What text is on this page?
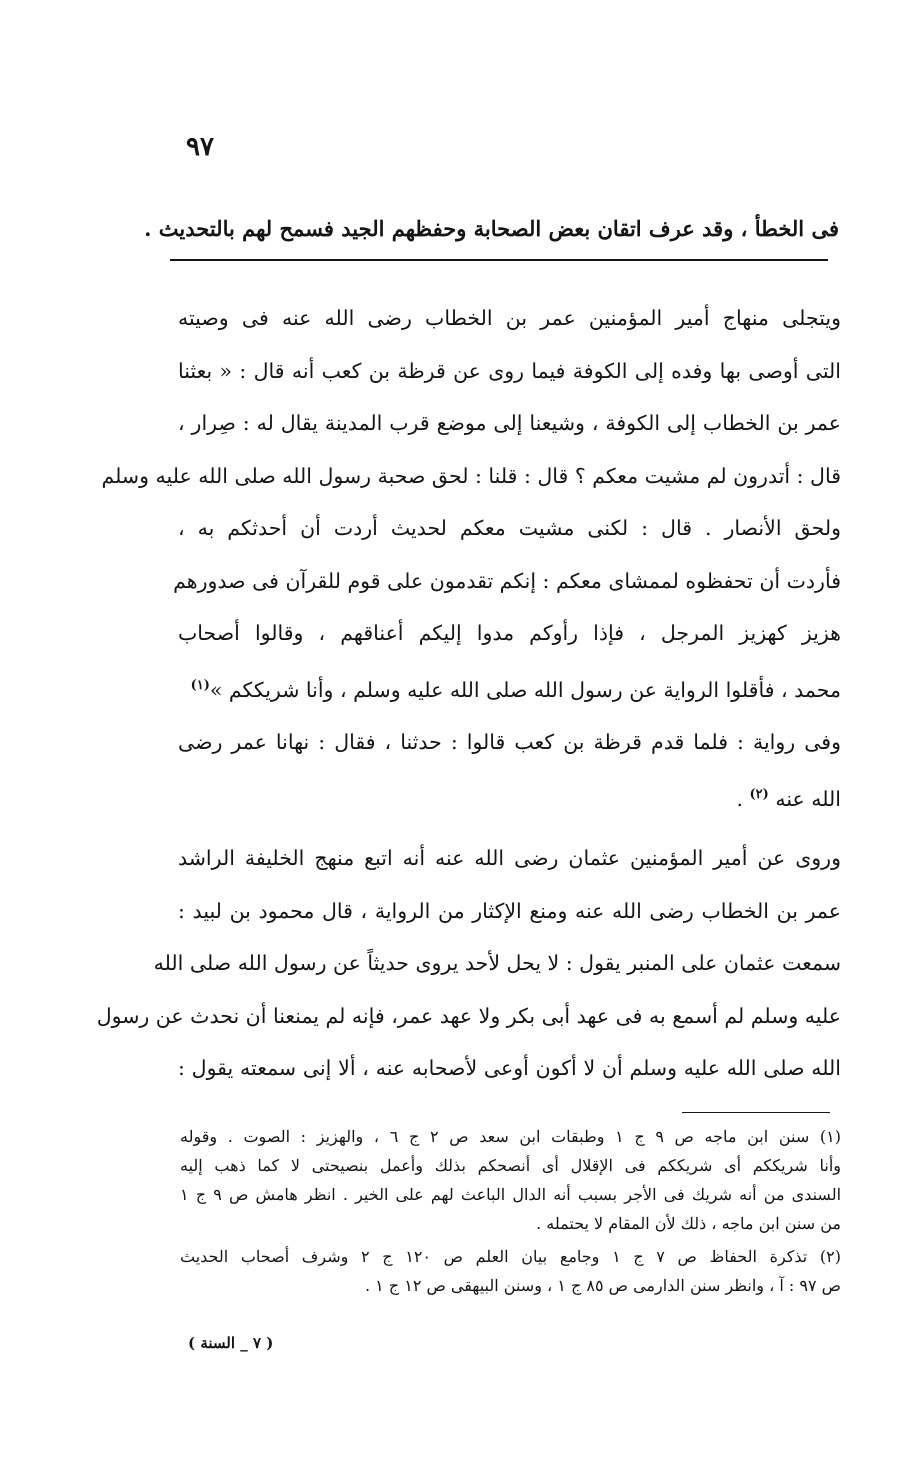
٩٧
فى الخطأ ، وقد عرف اتقان بعض الصحابة وحفظهم الجيد فسمح لهم بالتحديث .
ويتجلى منهاج أمير المؤمنين عمر بن الخطاب رضى الله عنه فى وصيته
التى أوصى بها وفده إلى الكوفة فيما روى عن قرظة بن كعب أنه قال : « بعثنا
عمر بن الخطاب إلى الكوفة ، وشيعنا إلى موضع قرب المدينة يقال له : صِرار ،
قال : أتدرون لم مشيت معكم ؟ قال : قلنا : لحق صحبة رسول الله صلى الله عليه وسلم
ولحق الأنصار . قال : لكنى مشيت معكم لحديث أردت أن أحدثكم به ،
فأردت أن تحفظوه لممشاى معكم : إنكم تقدمون على قوم للقرآن فى صدورهم
هزيز كهزيز المرجل ، فإذا رأوكم مدوا إليكم أعناقهم ، وقالوا أصحاب
محمد ، فأقلوا الرواية عن رسول الله صلى الله عليه وسلم ، وأنا شريككم »$^{(١)}$
وفى رواية : فلما قدم قرظة بن كعب قالوا : حدثنا ، فقال : نهانا عمر رضى
الله عنه $^{(٢)}$ .
وروى عن أمير المؤمنين عثمان رضى الله عنه أنه اتبع منهج الخليفة الراشد
عمر بن الخطاب رضى الله عنه ومنع الإكثار من الرواية ، قال محمود بن لبيد :
سمعت عثمان على المنبر يقول : لا يحل لأحد يروى حديثاً عن رسول الله صلى الله
عليه وسلم لم أسمع به فى عهد أبى بكر ولا عهد عمر، فإنه لم يمنعنا أن نحدث عن رسول
الله صلى الله عليه وسلم أن لا أكون أوعى لأصحابه عنه ، ألا إنى سمعته يقول :
(١) سنن ابن ماجه ص ٩ ج ١ وطبقات ابن سعد ص ٢ ج ٦ ، والهزيز : الصوت . وقوله
وأنا شريككم أى شريككم فى الإقلال أى أنصحكم بذلك وأعمل بنصيحتى لا كما ذهب إليه
السندى من أنه شريك فى الأجر بسبب أنه الدال الباعث لهم على الخير . انظر هامش ص ٩ ج ١
من سنن ابن ماجه ، ذلك لأن المقام لا يحتمله .
(٢) تذكرة الحفاظ ص ٧ ج ١ وجامع بيان العلم ص ١٢٠ ج ٢ وشرف أصحاب الحديث
ص ٩٧ : آ ، وانظر سنن الدارمى ص ٨٥ ج ١ ، وسنن البيهقى ص ١٢ ج ١ .
( ٧ _ السنة )
